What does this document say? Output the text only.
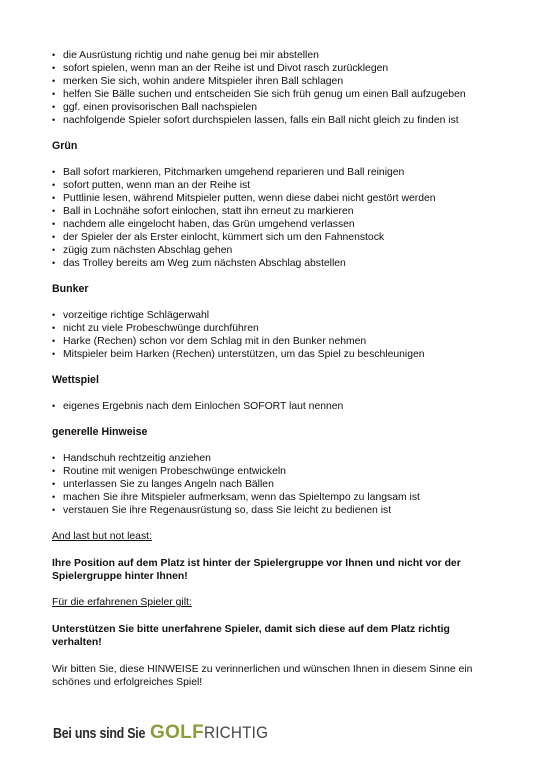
• die Ausrüstung richtig und nahe genug bei mir abstellen
• sofort spielen, wenn man an der Reihe ist und Divot rasch zurücklegen
• merken Sie sich, wohin andere Mitspieler ihren Ball schlagen
• helfen Sie Bälle suchen und entscheiden Sie sich früh genug um einen Ball aufzugeben
• ggf. einen provisorischen Ball nachspielen
• nachfolgende Spieler sofort durchspielen lassen, falls ein Ball nicht gleich zu finden ist
Grün
• Ball sofort markieren, Pitchmarken umgehend reparieren und Ball reinigen
• sofort putten, wenn man an der Reihe ist
• Puttlinie lesen, während Mitspieler putten, wenn diese dabei nicht gestört werden
• Ball in Lochnähe sofort einlochen, statt ihn erneut zu markieren
• nachdem alle eingelocht haben, das Grün umgehend verlassen
• der Spieler der als Erster einlocht, kümmert sich um den Fahnenstock
• zügig zum nächsten Abschlag gehen
• das Trolley bereits am Weg zum nächsten Abschlag abstellen
Bunker
• vorzeitige richtige Schlägerwahl
• nicht zu viele Probeschwünge durchführen
• Harke (Rechen) schon vor dem Schlag mit in den Bunker nehmen
• Mitspieler beim Harken (Rechen) unterstützen, um das Spiel zu beschleunigen
Wettspiel
• eigenes Ergebnis nach dem Einlochen SOFORT laut nennen
generelle Hinweise
• Handschuh rechtzeitig anziehen
• Routine mit wenigen Probeschwünge entwickeln
• unterlassen Sie zu langes Angeln nach Bällen
• machen Sie ihre Mitspieler aufmerksam, wenn das Spieltempo zu langsam ist
• verstauen Sie ihre Regenausrüstung so, dass Sie leicht zu bedienen ist

And last but not least:

Ihre Position auf dem Platz ist hinter der Spielergruppe vor Ihnen und nicht vor der Spielergruppe hinter Ihnen!

Für die erfahrenen Spieler gilt:

Unterstützen Sie bitte unerfahrene Spieler, damit sich diese auf dem Platz richtig verhalten!

Wir bitten Sie, diese HINWEISE zu verinnerlichen und wünschen Ihnen in diesem Sinne ein schönes und erfolgreiches Spiel!

Bei uns sind Sie GOLF RICHTIG
